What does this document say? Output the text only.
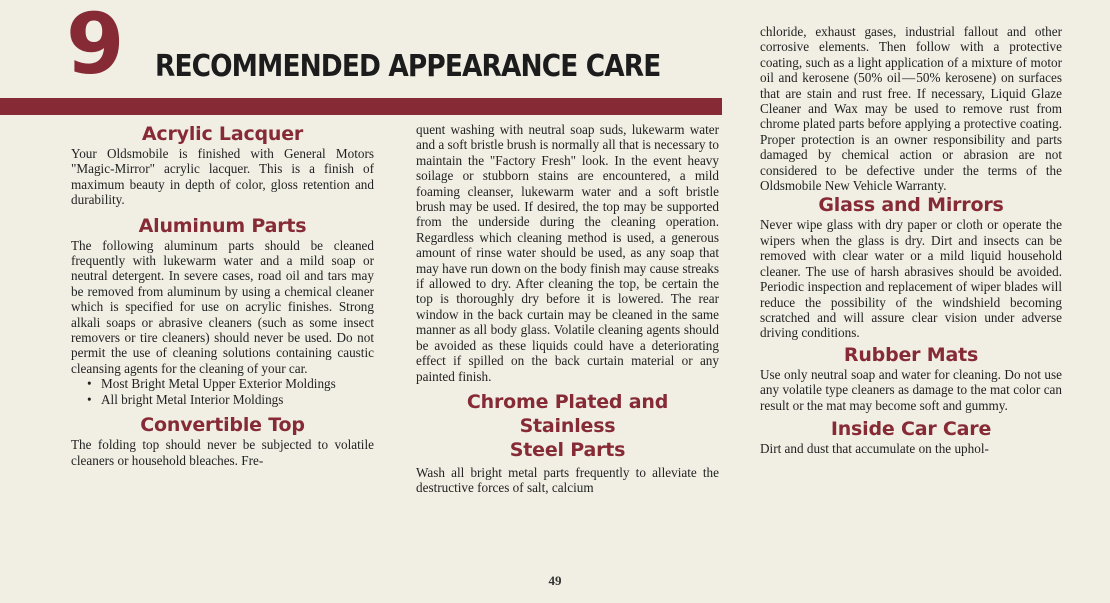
9 RECOMMENDED APPEARANCE CARE
Acrylic Lacquer

Your Oldsmobile is finished with General Motors "Magic-Mirror" acrylic lacquer. This is a finish of maximum beauty in depth of color, gloss retention and durability.

Aluminum Parts

The following aluminum parts should be cleaned frequently with lukewarm water and a mild soap or neutral detergent. In severe cases, road oil and tars may be removed from aluminum by using a chemical cleaner which is specified for use on acrylic finishes. Strong alkali soaps or abrasive cleaners (such as some insect removers or tire cleaners) should never be used. Do not permit the use of cleaning solutions containing caustic cleansing agents for the cleaning of your car.

• Most Bright Metal Upper Exterior Moldings
• All bright Metal Interior Moldings
Convertible Top

The folding top should never be subjected to volatile cleaners or household bleaches. Fre-

quent washing with neutral soap suds, lukewarm water and a soft bristle brush is normally all that is necessary to maintain the "Factory Fresh" look. In the event heavy soilage or stubborn stains are encountered, a mild foaming cleanser, lukewarm water and a soft bristle brush may be used. If desired, the top may be supported from the underside during the cleaning operation. Regardless which cleaning method is used, a generous amount of rinse water should be used, as any soap that may have run down on the body finish may cause streaks if allowed to dry. After cleaning the top, be certain the top is thoroughly dry before it is lowered. The rear window in the back curtain may be cleaned in the same manner as all body glass. Volatile cleaning agents should be avoided as these liquids could have a deteriorating effect if spilled on the back curtain material or any painted finish.

Chrome Plated and Stainless
Steel Parts

Wash all bright metal parts frequently to alleviate the destructive forces of salt, calcium

chloride, exhaust gases, industrial fallout and other corrosive elements. Then follow with a protective coating, such as a light application of a mixture of motor oil and kerosene (50% oil — 50% kerosene) on surfaces that are stain and rust free. If necessary, Liquid Glaze Cleaner and Wax may be used to remove rust from chrome plated parts before applying a protective coating. Proper protection is an owner responsibility and parts damaged by chemical action or abrasion are not considered to be defective under the terms of the Oldsmobile New Vehicle Warranty.

Glass and Mirrors

Never wipe glass with dry paper or cloth or operate the wipers when the glass is dry. Dirt and insects can be removed with clear water or a mild liquid household cleaner. The use of harsh abrasives should be avoided. Periodic inspection and replacement of wiper blades will reduce the possibility of the windshield becoming scratched and will assure clear vision under adverse driving conditions.

Rubber Mats

Use only neutral soap and water for cleaning. Do not use any volatile type cleaners as damage to the mat color can result or the mat may become soft and gummy.

Inside Car Care

Dirt and dust that accumulate on the uphol-

49
